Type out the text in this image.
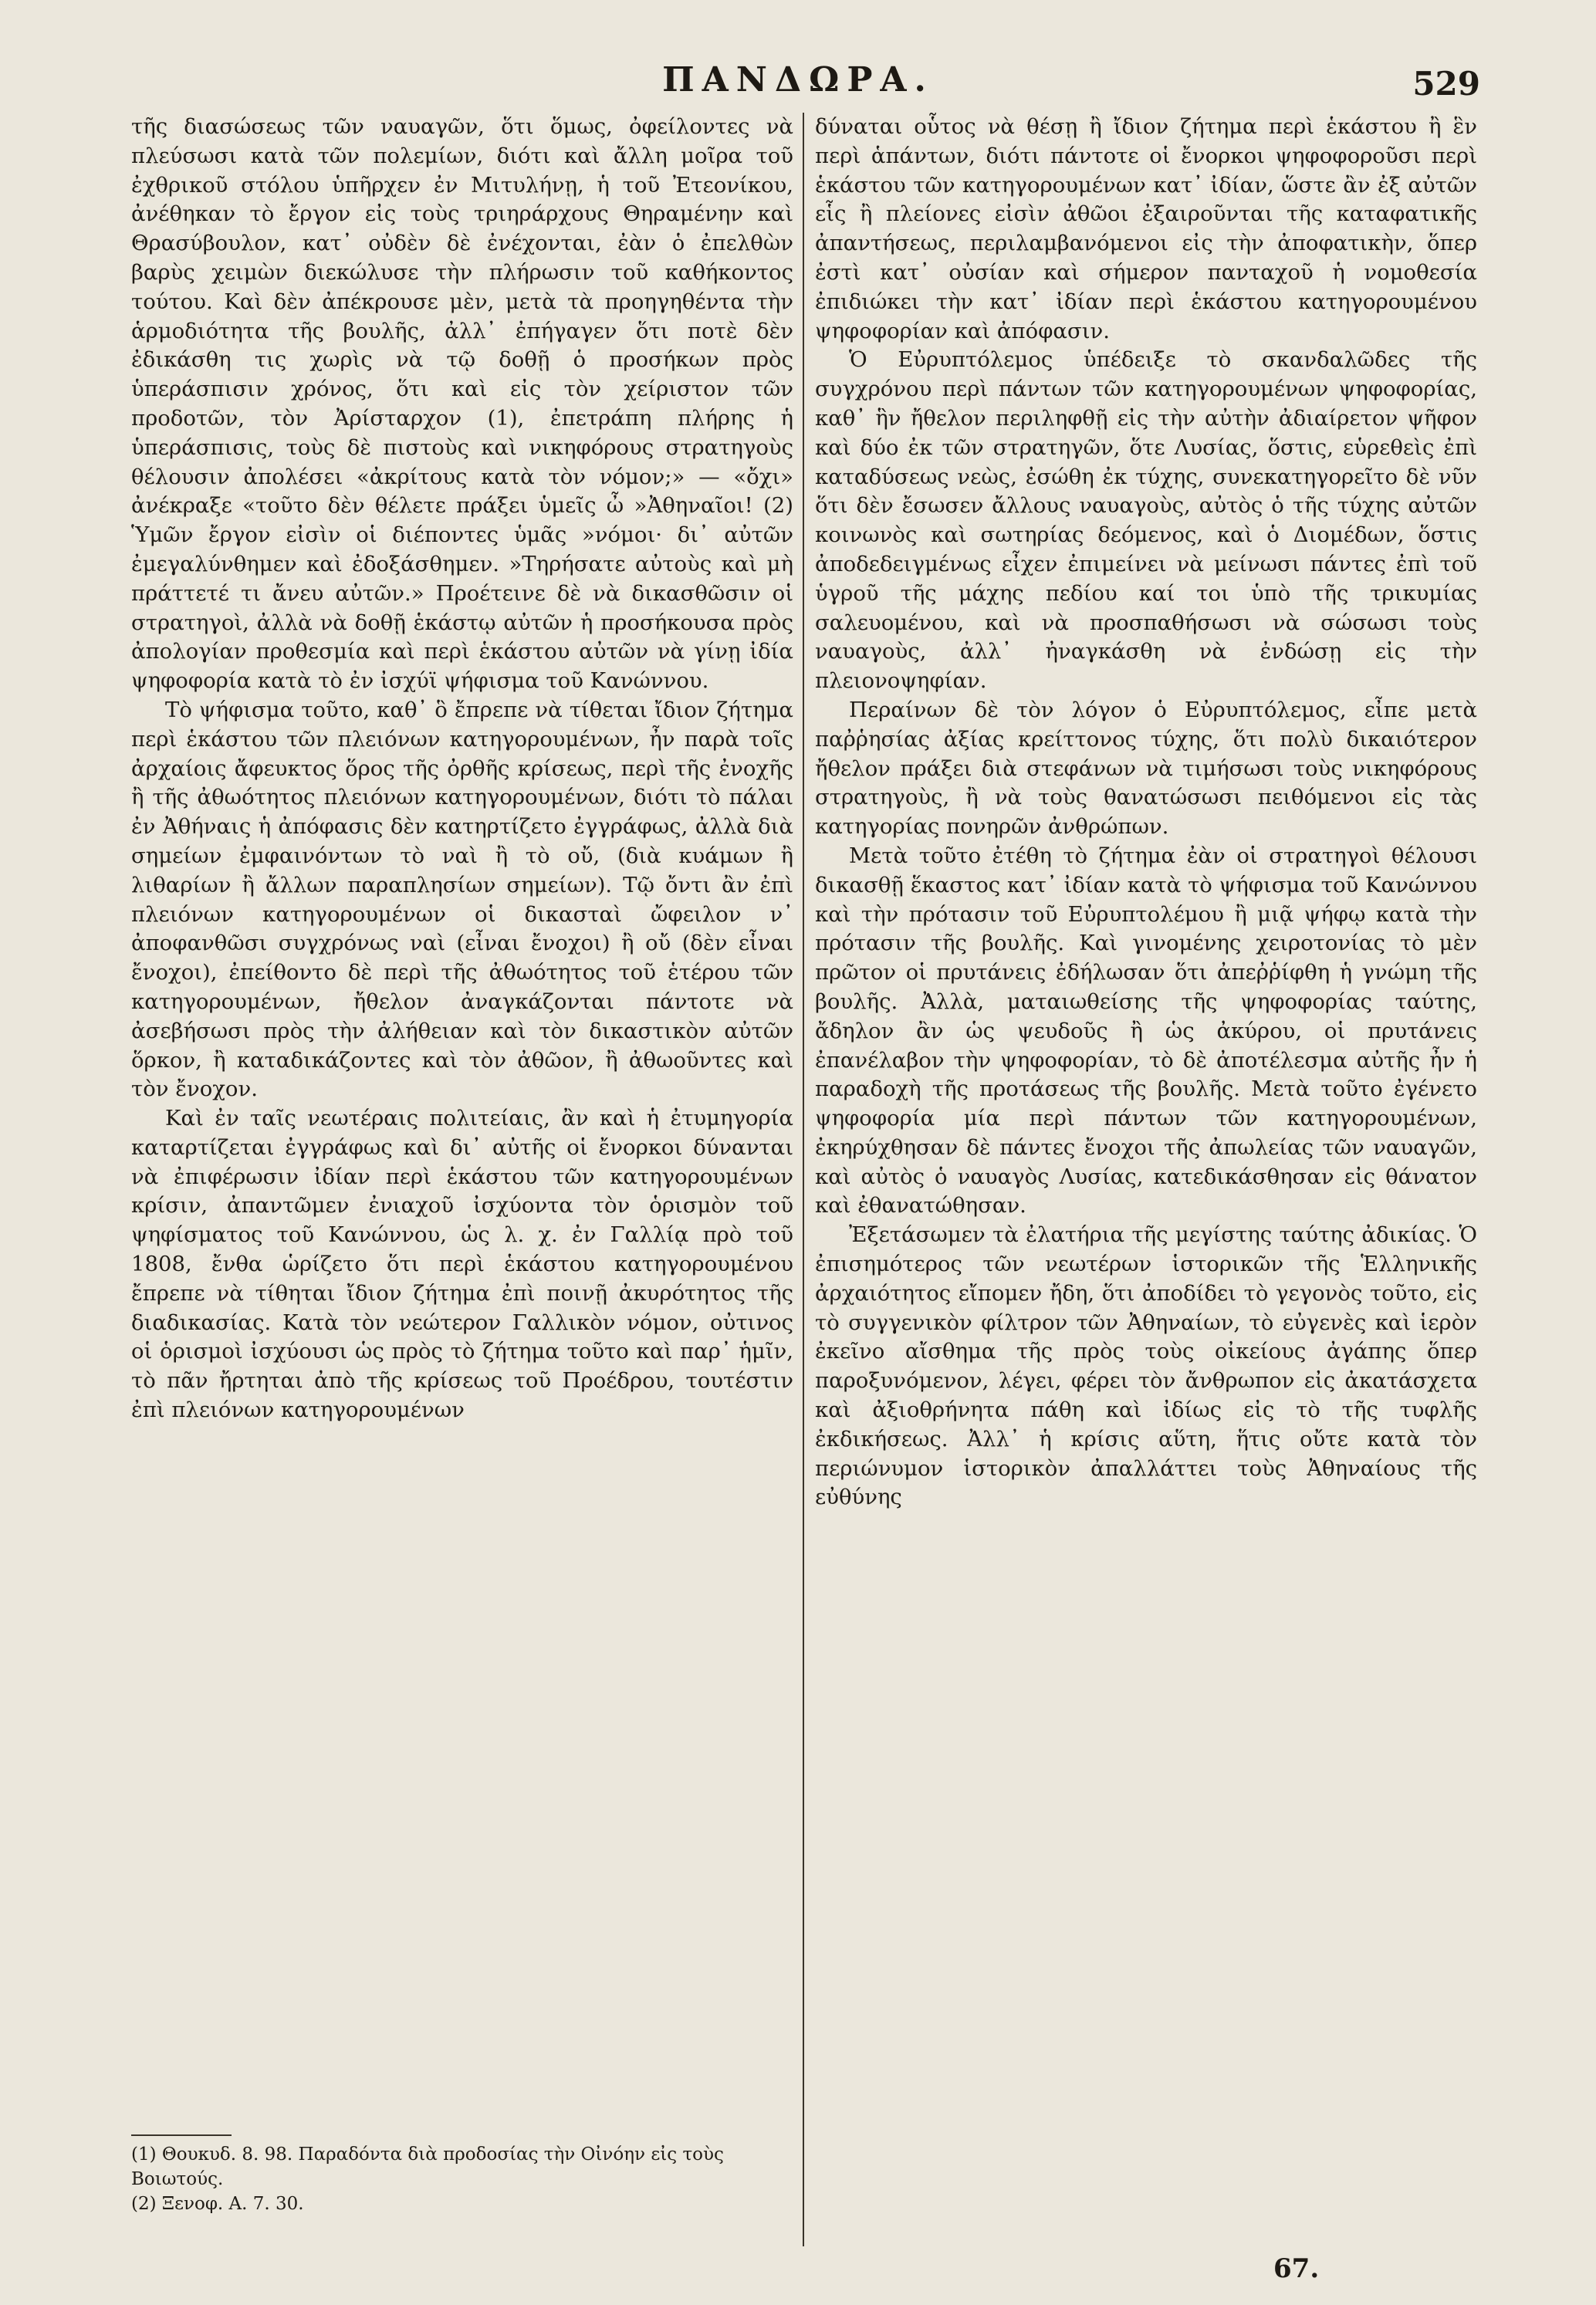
ΠΑΝΔΩΡΑ.	529

τῆς διασώσεως τῶν ναυαγῶν, ὅτι ὅμως, ὀφείλοντες νὰ πλεύσωσι κατὰ τῶν πολεμίων, διότι καὶ ἄλλη μοῖρα τοῦ ἐχθρικοῦ στόλου ὑπῆρχεν ἐν Μιτυλήνῃ, ἡ τοῦ Ἐτεονίκου, ἀνέθηκαν τὸ ἔργον εἰς τοὺς τριηράρχους Θηραμένην καὶ Θρασύβουλον, κατ᾽ οὐδὲν δὲ ἐνέχονται, ἐὰν ὁ ἐπελθὼν βαρὺς χειμὼν διεκώλυσε τὴν πλήρωσιν τοῦ καθήκοντος τούτου. Καὶ δὲν ἀπέκρουσε μὲν, μετὰ τὰ προηγηθέντα τὴν ἁρμοδιότητα τῆς βουλῆς, ἀλλ᾽ ἐπήγαγεν ὅτι ποτὲ δὲν ἐδικάσθη τις χωρὶς νὰ τῷ δοθῇ ὁ προσήκων πρὸς ὑπεράσπισιν χρόνος, ὅτι καὶ εἰς τὸν χείριστον τῶν προδοτῶν, τὸν Ἀρίσταρχον (1), ἐπετράπη πλήρης ἡ ὑπεράσπισις, τοὺς δὲ πιστοὺς καὶ νικηφόρους στρατηγοὺς θέλουσιν ἀπολέσει «ἀκρίτους κατὰ τὸν νόμον;» — «ὄχι» ἀνέκραξε «τοῦτο δὲν θέλετε πράξει ὑμεῖς ὦ »Ἀθηναῖοι! (2) Ὑμῶν ἔργον εἰσὶν οἱ διέποντες ὑμᾶς »νόμοι· δι᾽ αὐτῶν ἐμεγαλύνθημεν καὶ ἐδοξάσθημεν. »Τηρήσατε αὐτοὺς καὶ μὴ πράττετέ τι ἄνευ αὐτῶν.» Προέτεινε δὲ νὰ δικασθῶσιν οἱ στρατηγοὶ, ἀλλὰ νὰ δοθῇ ἑκάστῳ αὐτῶν ἡ προσήκουσα πρὸς ἀπολογίαν προθεσμία καὶ περὶ ἑκάστου αὐτῶν νὰ γίνῃ ἰδία ψηφοφορία κατὰ τὸ ἐν ἰσχύϊ ψήφισμα τοῦ Κανώννου.

Τὸ ψήφισμα τοῦτο, καθ᾽ ὃ ἔπρεπε νὰ τίθεται ἴδιον ζήτημα περὶ ἑκάστου τῶν πλειόνων κατηγορουμένων, ἦν παρὰ τοῖς ἀρχαίοις ἄφευκτος ὅρος τῆς ὀρθῆς κρίσεως, περὶ τῆς ἐνοχῆς ἢ τῆς ἀθωότητος πλειόνων κατηγορουμένων, διότι τὸ πάλαι ἐν Ἀθήναις ἡ ἀπόφασις δὲν κατηρτίζετο ἐγγράφως, ἀλλὰ διὰ σημείων ἐμφαινόντων τὸ ναὶ ἢ τὸ οὔ, (διὰ κυάμων ἢ λιθαρίων ἢ ἄλλων παραπλησίων σημείων). Τῷ ὄντι ἂν ἐπὶ πλειόνων κατηγορουμένων οἱ δικασταὶ ὤφειλον ν᾽ ἀποφανθῶσι συγχρόνως ναὶ (εἶναι ἔνοχοι) ἢ οὔ (δὲν εἶναι ἔνοχοι), ἐπείθοντο δὲ περὶ τῆς ἀθωότητος τοῦ ἑτέρου τῶν κατηγορουμένων, ἤθελον ἀναγκάζονται πάντοτε νὰ ἀσεβήσωσι πρὸς τὴν ἀλήθειαν καὶ τὸν δικαστικὸν αὐτῶν ὅρκον, ἢ καταδικάζοντες καὶ τὸν ἀθῶον, ἢ ἀθωοῦντες καὶ τὸν ἔνοχον.

Καὶ ἐν ταῖς νεωτέραις πολιτείαις, ἂν καὶ ἡ ἐτυμηγορία καταρτίζεται ἐγγράφως καὶ δι᾽ αὐτῆς οἱ ἔνορκοι δύνανται νὰ ἐπιφέρωσιν ἰδίαν περὶ ἑκάστου τῶν κατηγορουμένων κρίσιν, ἀπαντῶμεν ἐνιαχοῦ ἰσχύοντα τὸν ὁρισμὸν τοῦ ψηφίσματος τοῦ Κανώννου, ὡς λ. χ. ἐν Γαλλίᾳ πρὸ τοῦ 1808, ἔνθα ὡρίζετο ὅτι περὶ ἑκάστου κατηγορουμένου ἔπρεπε νὰ τίθηται ἴδιον ζήτημα ἐπὶ ποινῇ ἀκυρότητος τῆς διαδικασίας. Κατὰ τὸν νεώτερον Γαλλικὸν νόμον, οὐτινος οἱ ὁρισμοὶ ἰσχύουσι ὡς πρὸς τὸ ζήτημα τοῦτο καὶ παρ᾽ ἡμῖν, τὸ πᾶν ἤρτηται ἀπὸ τῆς κρίσεως τοῦ Προέδρου, τουτέστιν ἐπὶ πλειόνων κατηγορουμένων

δύναται οὗτος νὰ θέσῃ ἢ ἴδιον ζήτημα περὶ ἑκάστου ἢ ἓν περὶ ἁπάντων, διότι πάντοτε οἱ ἔνορκοι ψηφοφοροῦσι περὶ ἑκάστου τῶν κατηγορουμένων κατ᾽ ἰδίαν, ὥστε ἂν ἐξ αὐτῶν εἷς ἢ πλείονες εἰσὶν ἀθῶοι ἐξαιροῦνται τῆς καταφατικῆς ἀπαντήσεως, περιλαμβανόμενοι εἰς τὴν ἀποφατικὴν, ὅπερ ἐστὶ κατ᾽ οὐσίαν καὶ σήμερον πανταχοῦ ἡ νομοθεσία ἐπιδιώκει τὴν κατ᾽ ἰδίαν περὶ ἑκάστου κατηγορουμένου ψηφοφορίαν καὶ ἀπόφασιν.

Ὁ Εὐρυπτόλεμος ὑπέδειξε τὸ σκανδαλῶδες τῆς συγχρόνου περὶ πάντων τῶν κατηγορουμένων ψηφοφορίας, καθ᾽ ἣν ἤθελον περιληφθῇ εἰς τὴν αὐτὴν ἀδιαίρετον ψῆφον καὶ δύο ἐκ τῶν στρατηγῶν, ὅτε Λυσίας, ὅστις, εὑρεθεὶς ἐπὶ καταδύσεως νεὼς, ἐσώθη ἐκ τύχης, συνεκατηγορεῖτο δὲ νῦν ὅτι δὲν ἔσωσεν ἄλλους ναυαγοὺς, αὐτὸς ὁ τῆς τύχης αὐτῶν κοινωνὸς καὶ σωτηρίας δεόμενος, καὶ ὁ Διομέδων, ὅστις ἀποδεδειγμένως εἶχεν ἐπιμείνει νὰ μείνωσι πάντες ἐπὶ τοῦ ὑγροῦ τῆς μάχης πεδίου καί τοι ὑπὸ τῆς τρικυμίας σαλευομένου, καὶ νὰ προσπαθήσωσι νὰ σώσωσι τοὺς ναυαγοὺς, ἀλλ᾽ ἠναγκάσθη νὰ ἐνδώσῃ εἰς τὴν πλειονοψηφίαν.

Περαίνων δὲ τὸν λόγον ὁ Εὐρυπτόλεμος, εἶπε μετὰ παῤῥησίας ἀξίας κρείττονος τύχης, ὅτι πολὺ δικαιότερον ἤθελον πράξει διὰ στεφάνων νὰ τιμήσωσι τοὺς νικηφόρους στρατηγοὺς, ἢ νὰ τοὺς θανατώσωσι πειθόμενοι εἰς τὰς κατηγορίας πονηρῶν ἀνθρώπων.

Μετὰ τοῦτο ἐτέθη τὸ ζήτημα ἐὰν οἱ στρατηγοὶ θέλουσι δικασθῇ ἕκαστος κατ᾽ ἰδίαν κατὰ τὸ ψήφισμα τοῦ Κανώννου καὶ τὴν πρότασιν τοῦ Εὐρυπτολέμου ἢ μιᾷ ψήφῳ κατὰ τὴν πρότασιν τῆς βουλῆς. Καὶ γινομένης χειροτονίας τὸ μὲν πρῶτον οἱ πρυτάνεις ἐδήλωσαν ὅτι ἀπεῤῥίφθη ἡ γνώμη τῆς βουλῆς. Ἀλλὰ, ματαιωθείσης τῆς ψηφοφορίας ταύτης, ἄδηλον ἂν ὡς ψευδοῦς ἢ ὡς ἀκύρου, οἱ πρυτάνεις ἐπανέλαβον τὴν ψηφοφορίαν, τὸ δὲ ἀποτέλεσμα αὐτῆς ἦν ἡ παραδοχὴ τῆς προτάσεως τῆς βουλῆς. Μετὰ τοῦτο ἐγένετο ψηφοφορία μία περὶ πάντων τῶν κατηγορουμένων, ἐκηρύχθησαν δὲ πάντες ἔνοχοι τῆς ἀπωλείας τῶν ναυαγῶν, καὶ αὐτὸς ὁ ναυαγὸς Λυσίας, κατεδικάσθησαν εἰς θάνατον καὶ ἐθανατώθησαν.

Ἐξετάσωμεν τὰ ἐλατήρια τῆς μεγίστης ταύτης ἀδικίας. Ὁ ἐπισημότερος τῶν νεωτέρων ἱστορικῶν τῆς Ἑλληνικῆς ἀρχαιότητος εἴπομεν ἤδη, ὅτι ἀποδίδει τὸ γεγονὸς τοῦτο, εἰς τὸ συγγενικὸν φίλτρον τῶν Ἀθηναίων, τὸ εὐγενὲς καὶ ἱερὸν ἐκεῖνο αἴσθημα τῆς πρὸς τοὺς οἰκείους ἀγάπης ὅπερ παροξυνόμενον, λέγει, φέρει τὸν ἄνθρωπον εἰς ἀκατάσχετα καὶ ἀξιοθρήνητα πάθη καὶ ἰδίως εἰς τὸ τῆς τυφλῆς ἐκδικήσεως. Ἀλλ᾽ ἡ κρίσις αὕτη, ἥτις οὔτε κατὰ τὸν περιώνυμον ἱστορικὸν ἀπαλλάττει τοὺς Ἀθηναίους τῆς εὐθύνης

(1) Θουκυδ. 8. 98. Παραδόντα διὰ προδοσίας τὴν Οἰνόην εἰς τοὺς Βοιωτούς.

(2) Ξενοφ. Α. 7. 30.

67.
